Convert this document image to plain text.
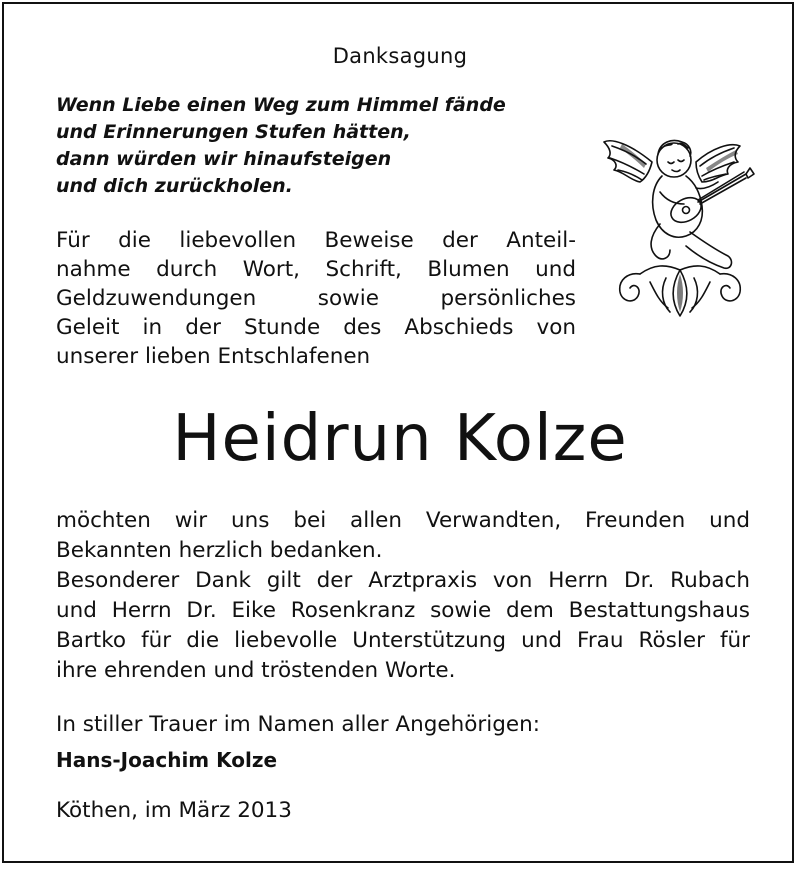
Danksagung
Wenn Liebe einen Weg zum Himmel fände
und Erinnerungen Stufen hätten,
dann würden wir hinaufsteigen
und dich zurückholen.
Für die liebevollen Beweise der Anteil-
nahme durch Wort, Schrift, Blumen und
Geldzuwendungen sowie persönliches
Geleit in der Stunde des Abschieds von
unserer lieben Entschlafenen
Heidrun Kolze
möchten wir uns bei allen Verwandten, Freunden und
Bekannten herzlich bedanken.
Besonderer Dank gilt der Arztpraxis von Herrn Dr. Rubach
und Herrn Dr. Eike Rosenkranz sowie dem Bestattungshaus
Bartko für die liebevolle Unterstützung und Frau Rösler für
ihre ehrenden und tröstenden Worte.
In stiller Trauer im Namen aller Angehörigen:
Hans-Joachim Kolze
Köthen, im März 2013
